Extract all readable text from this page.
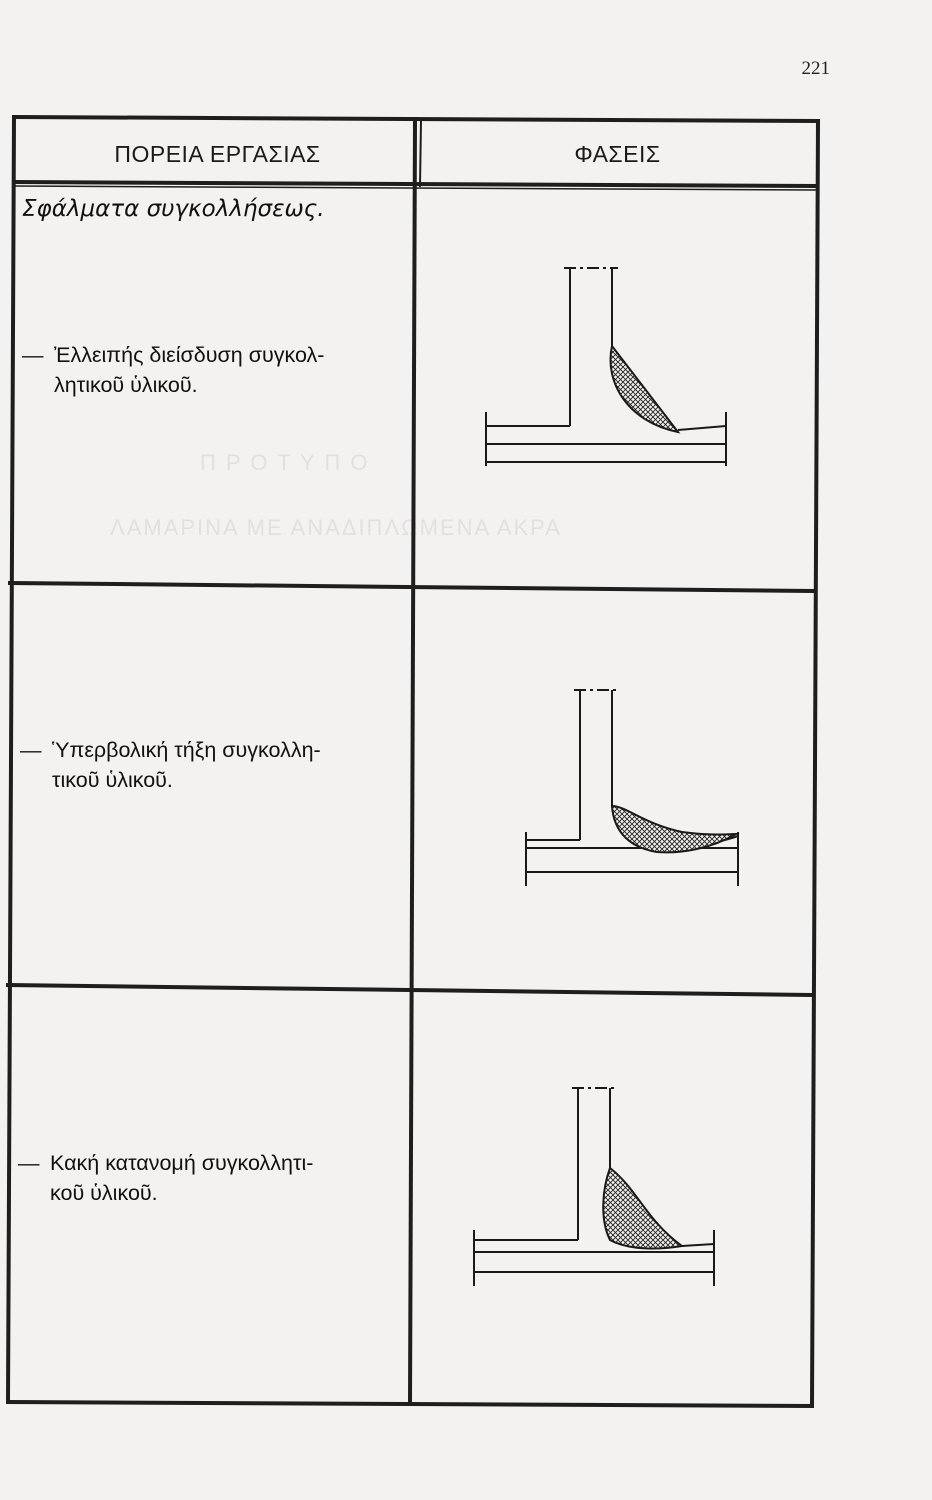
Π Ρ Ο Τ Υ Π Ο
ΛΑΜΑΡΙΝΑ ΜΕ ΑΝΑΔΙΠΛΩΜΕΝΑ ΑΚΡΑ
221
ΠΟΡΕΙΑ ΕΡΓΑΣΙΑΣ	ΦΑΣΕΙΣ
Σφάλματα συγκολλήσεως.
— Ἐλλειπής διείσδυση συγκολ-
λητικοῦ ὑλικοῦ.
— Ὑπερβολική τήξη συγκολλη-
τικοῦ ὑλικοῦ.
— Κακή κατανομή συγκολλητι-
κοῦ ὑλικοῦ.
